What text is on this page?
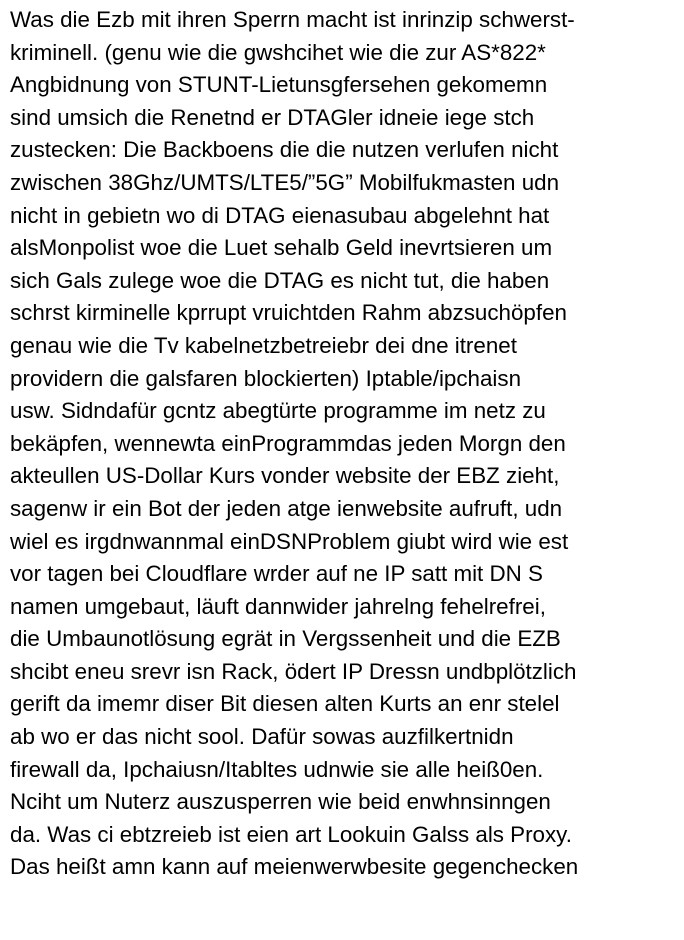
Was die Ezb mit ihren Sperrn macht ist inrinzip schwerst-
kriminell. (genu wie die gwshcihet wie die zur AS*822*
Angbidnung von STUNT-Lietunsgfersehen gekomemn
sind umsich die Renetnd er DTAGler idneie iege stch
zustecken: Die Backboens die die nutzen verlufen nicht
zwischen 38Ghz/UMTS/LTE5/”5G” Mobilfukmasten udn
nicht in gebietn wo di DTAG eienasubau abgelehnt hat
alsMonpolist woe die Luet sehalb Geld inevrtsieren um
sich Gals zulege woe die DTAG es nicht tut, die haben
schrst kirminelle kprrupt vruichtden Rahm abzsuchöpfen
genau wie die Tv kabelnetzbetreiebr dei dne itrenet
providern die galsfaren blockierten) Iptable/ipchaisn
usw. Sidndafür gcntz abegtürte programme im netz zu
bekäpfen, wennewta einProgrammdas jeden Morgn den
akteullen US-Dollar Kurs vonder website der EBZ zieht,
sagenw ir ein Bot der jeden atge ienwebsite aufruft, udn
wiel es irgdnwannmal einDSNProblem giubt wird wie est
vor tagen bei Cloudflare wrder auf ne IP satt mit DN S
namen umgebaut, läuft dannwider jahrelng fehelrefrei,
die Umbaunotlösung egrät in Vergssenheit und die EZB
shcibt eneu srevr isn Rack, ödert IP Dressn undbplötzlich
gerift da imemr diser Bit diesen alten Kurts an enr stelel
ab wo er das nicht sool. Dafür sowas auzfilkertnidn
firewall da, Ipchaiusn/Itabltes udnwie sie alle heiß0en.
Nciht um Nuterz auszusperren wie beid enwhnsinngen
da. Was ci ebtzreieb ist eien art Lookuin Galss als Proxy.
Das heißt amn kann auf meienwerwbesite gegenchecken
